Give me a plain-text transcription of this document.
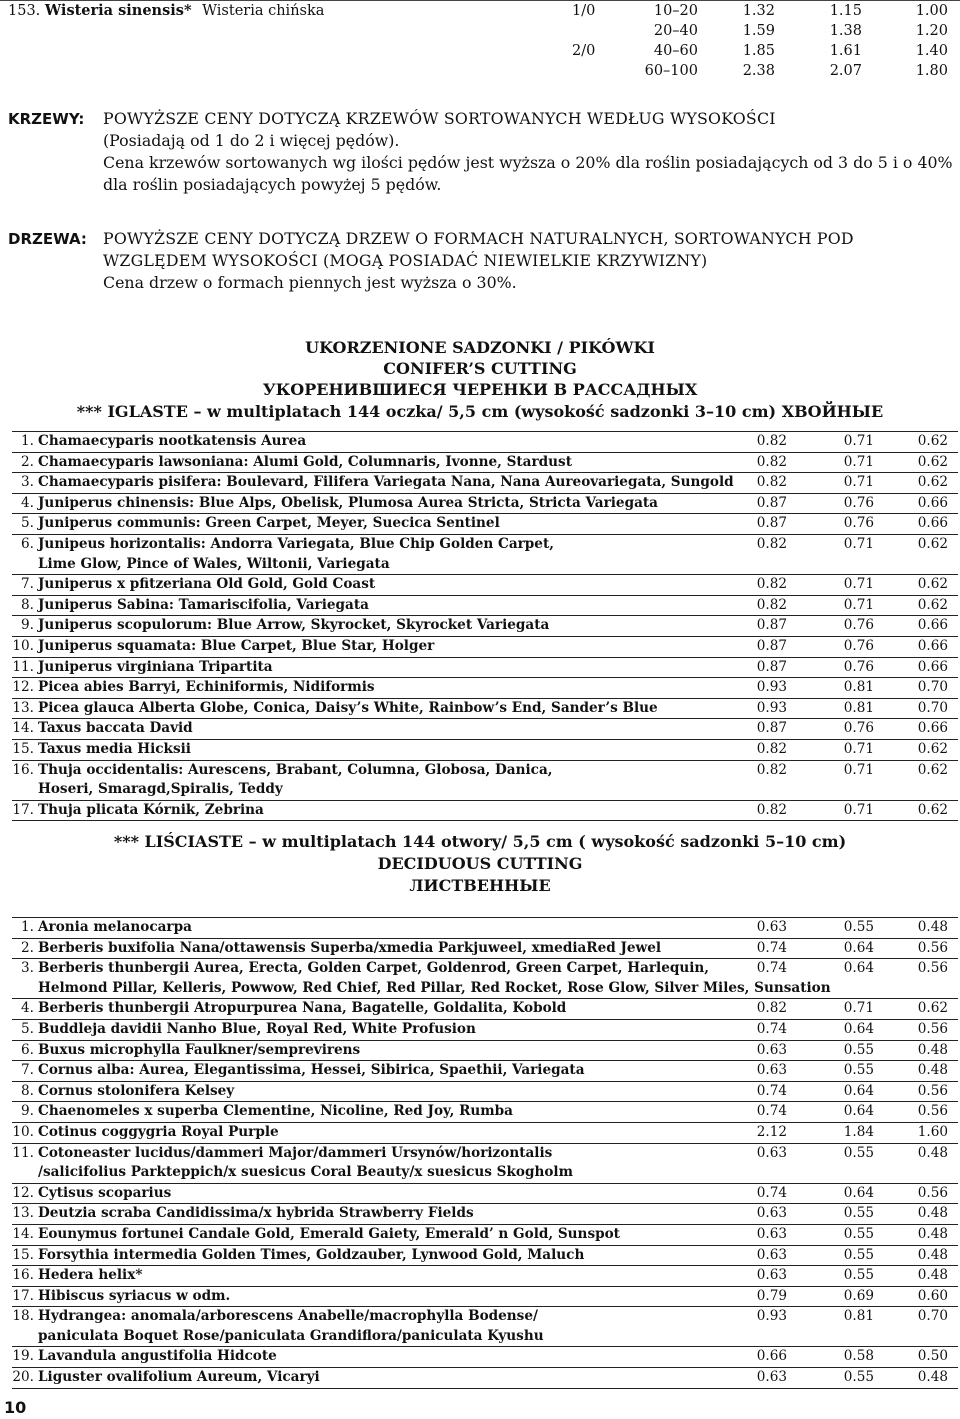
153. Wisteria sinensis* Wisteria chińska	1/0	10–20	1.32	1.15	1.00
20–40	1.59	1.38	1.20
2/0	40–60	1.85	1.61	1.40
60–100	2.38	2.07	1.80
KRZEWY: POWYŻSZE CENY DOTYCZĄ KRZEWÓW SORTOWANYCH WEDŁUG WYSOKOŚCI
(Posiadają od 1 do 2 i więcej pędów).
Cena krzewów sortowanych wg ilości pędów jest wyższa o 20% dla roślin posiadających od 3 do 5 i o 40% dla roślin posiadających powyżej 5 pędów.
DRZEWA: POWYŻSZE CENY DOTYCZĄ DRZEW O FORMACH NATURALNYCH, SORTOWANYCH POD WZGLĘDEM WYSOKOŚCI (MOGĄ POSIADAĆ NIEWIELKIE KRZYWIZNY)
Cena drzew o formach piennych jest wyższa o 30%.
UKORZENIONE SADZONKI / PIKÓWKI
CONIFER’S CUTTING
УКОРЕНИВШИЕСЯ ЧЕРЕНКИ В РАССАДНЫХ
*** IGLASTE – w multiplatach 144 oczka/ 5,5 cm (wysokość sadzonki 3–10 cm) ХВОЙНЫЕ
1. Chamaecyparis nootkatensis Aurea	0.82	0.71	0.62
2. Chamaecyparis lawsoniana: Alumi Gold, Columnaris, Ivonne, Stardust	0.82	0.71	0.62
3. Chamaecyparis pisifera: Boulevard, Filifera Variegata Nana, Nana Aureovariegata, Sungold	0.82	0.71	0.62
4. Juniperus chinensis: Blue Alps, Obelisk, Plumosa Aurea Stricta, Stricta Variegata	0.87	0.76	0.66
5. Juniperus communis: Green Carpet, Meyer, Suecica Sentinel	0.87	0.76	0.66
6. Junipeus horizontalis: Andorra Variegata, Blue Chip Golden Carpet,
Lime Glow, Pince of Wales, Wiltonii, Variegata
0.82	0.71	0.62
7. Juniperus x pfitzeriana Old Gold, Gold Coast	0.82	0.71	0.62
8. Juniperus Sabina: Tamariscifolia, Variegata	0.82	0.71	0.62
9. Juniperus scopulorum: Blue Arrow, Skyrocket, Skyrocket Variegata	0.87	0.76	0.66
10. Juniperus squamata: Blue Carpet, Blue Star, Holger	0.87	0.76	0.66
11. Juniperus virginiana Tripartita	0.87	0.76	0.66
12. Picea abies Barryi, Echiniformis, Nidiformis	0.93	0.81	0.70
13. Picea glauca Alberta Globe, Conica, Daisy’s White, Rainbow’s End, Sander’s Blue	0.93	0.81	0.70
14. Taxus baccata David	0.87	0.76	0.66
15. Taxus media Hicksii	0.82	0.71	0.62
16. Thuja occidentalis: Aurescens, Brabant, Columna, Globosa, Danica,
Hoseri, Smaragd,Spiralis, Teddy
0.82	0.71	0.62
17. Thuja plicata Kórnik, Zebrina	0.82	0.71	0.62
*** LIŚCIASTE – w multiplatach 144 otwory/ 5,5 cm ( wysokość sadzonki 5–10 cm)
DECIDUOUS CUTTING
ЛИСТВЕННЫЕ
1. Aronia melanocarpa	0.63	0.55	0.48
2. Berberis buxifolia Nana/ottawensis Superba/xmedia Parkjuweel, xmediaRed Jewel	0.74	0.64	0.56
3. Berberis thunbergii Aurea, Erecta, Golden Carpet, Goldenrod, Green Carpet, Harlequin,
Helmond Pillar, Kelleris, Powwow, Red Chief, Red Pillar, Red Rocket, Rose Glow, Silver Miles, Sunsation
0.74	0.64	0.56
4. Berberis thunbergii Atropurpurea Nana, Bagatelle, Goldalita, Kobold	0.82	0.71	0.62
5. Buddleja davidii Nanho Blue, Royal Red, White Profusion	0.74	0.64	0.56
6. Buxus microphylla Faulkner/semprevirens	0.63	0.55	0.48
7. Cornus alba: Aurea, Elegantissima, Hessei, Sibirica, Spaethii, Variegata	0.63	0.55	0.48
8. Cornus stolonifera Kelsey	0.74	0.64	0.56
9. Chaenomeles x superba Clementine, Nicoline, Red Joy, Rumba	0.74	0.64	0.56
10. Cotinus coggygria Royal Purple	2.12	1.84	1.60
11. Cotoneaster lucidus/dammeri Major/dammeri Ursynów/horizontalis
/salicifolius Parkteppich/x suesicus Coral Beauty/x suesicus Skogholm
0.63	0.55	0.48
12. Cytisus scoparius	0.74	0.64	0.56
13. Deutzia scraba Candidissima/x hybrida Strawberry Fields	0.63	0.55	0.48
14. Eounymus fortunei Candale Gold, Emerald Gaiety, Emerald’ n Gold, Sunspot	0.63	0.55	0.48
15. Forsythia intermedia Golden Times, Goldzauber, Lynwood Gold, Maluch	0.63	0.55	0.48
16. Hedera helix*	0.63	0.55	0.48
17. Hibiscus syriacus w odm.	0.79	0.69	0.60
18. Hydrangea: anomala/arborescens Anabelle/macrophylla Bodense/
paniculata Boquet Rose/paniculata Grandiflora/paniculata Kyushu
0.93	0.81	0.70
19. Lavandula angustifolia Hidcote	0.66	0.58	0.50
20. Liguster ovalifolium Aureum, Vicaryi	0.63	0.55	0.48
10
